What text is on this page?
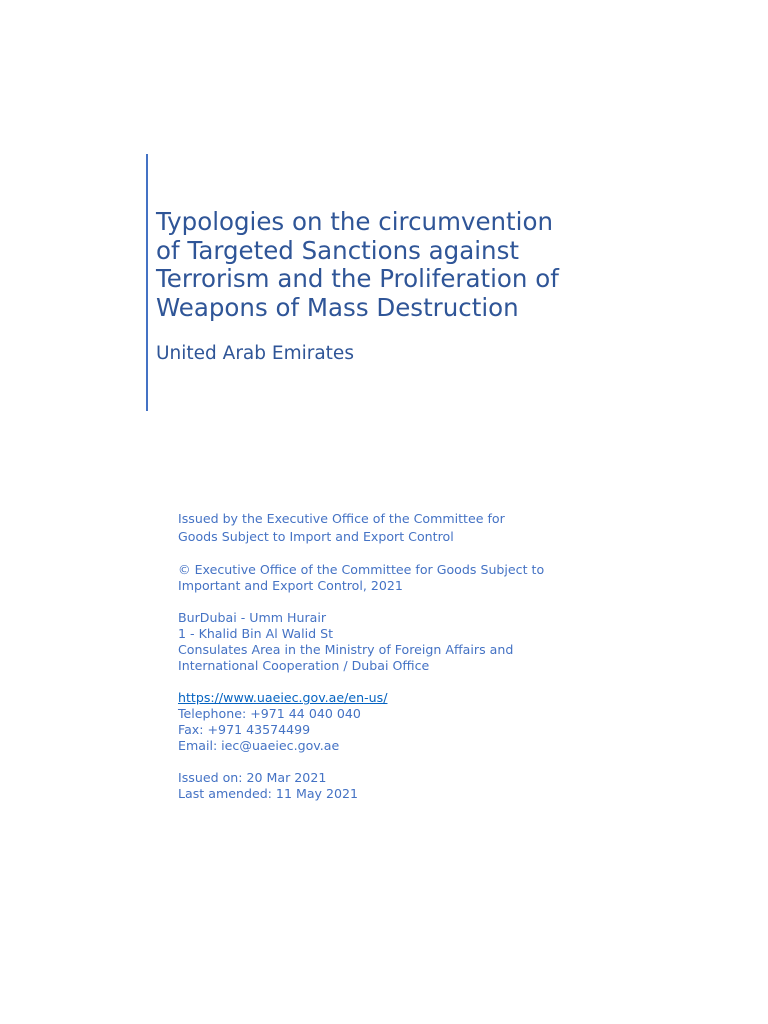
Typologies on the circumvention
of Targeted Sanctions against
Terrorism and the Proliferation of
Weapons of Mass Destruction
United Arab Emirates

Issued by the Executive Office of the Committee for
Goods Subject to Import and Export Control

© Executive Office of the Committee for Goods Subject to
Important and Export Control, 2021

BurDubai - Umm Hurair
1 - Khalid Bin Al Walid St
Consulates Area in the Ministry of Foreign Affairs and
International Cooperation / Dubai Office

https://www.uaeiec.gov.ae/en-us/
Telephone: +971 44 040 040
Fax: +971 43574499
Email: iec@uaeiec.gov.ae

Issued on: 20 Mar 2021
Last amended: 11 May 2021
